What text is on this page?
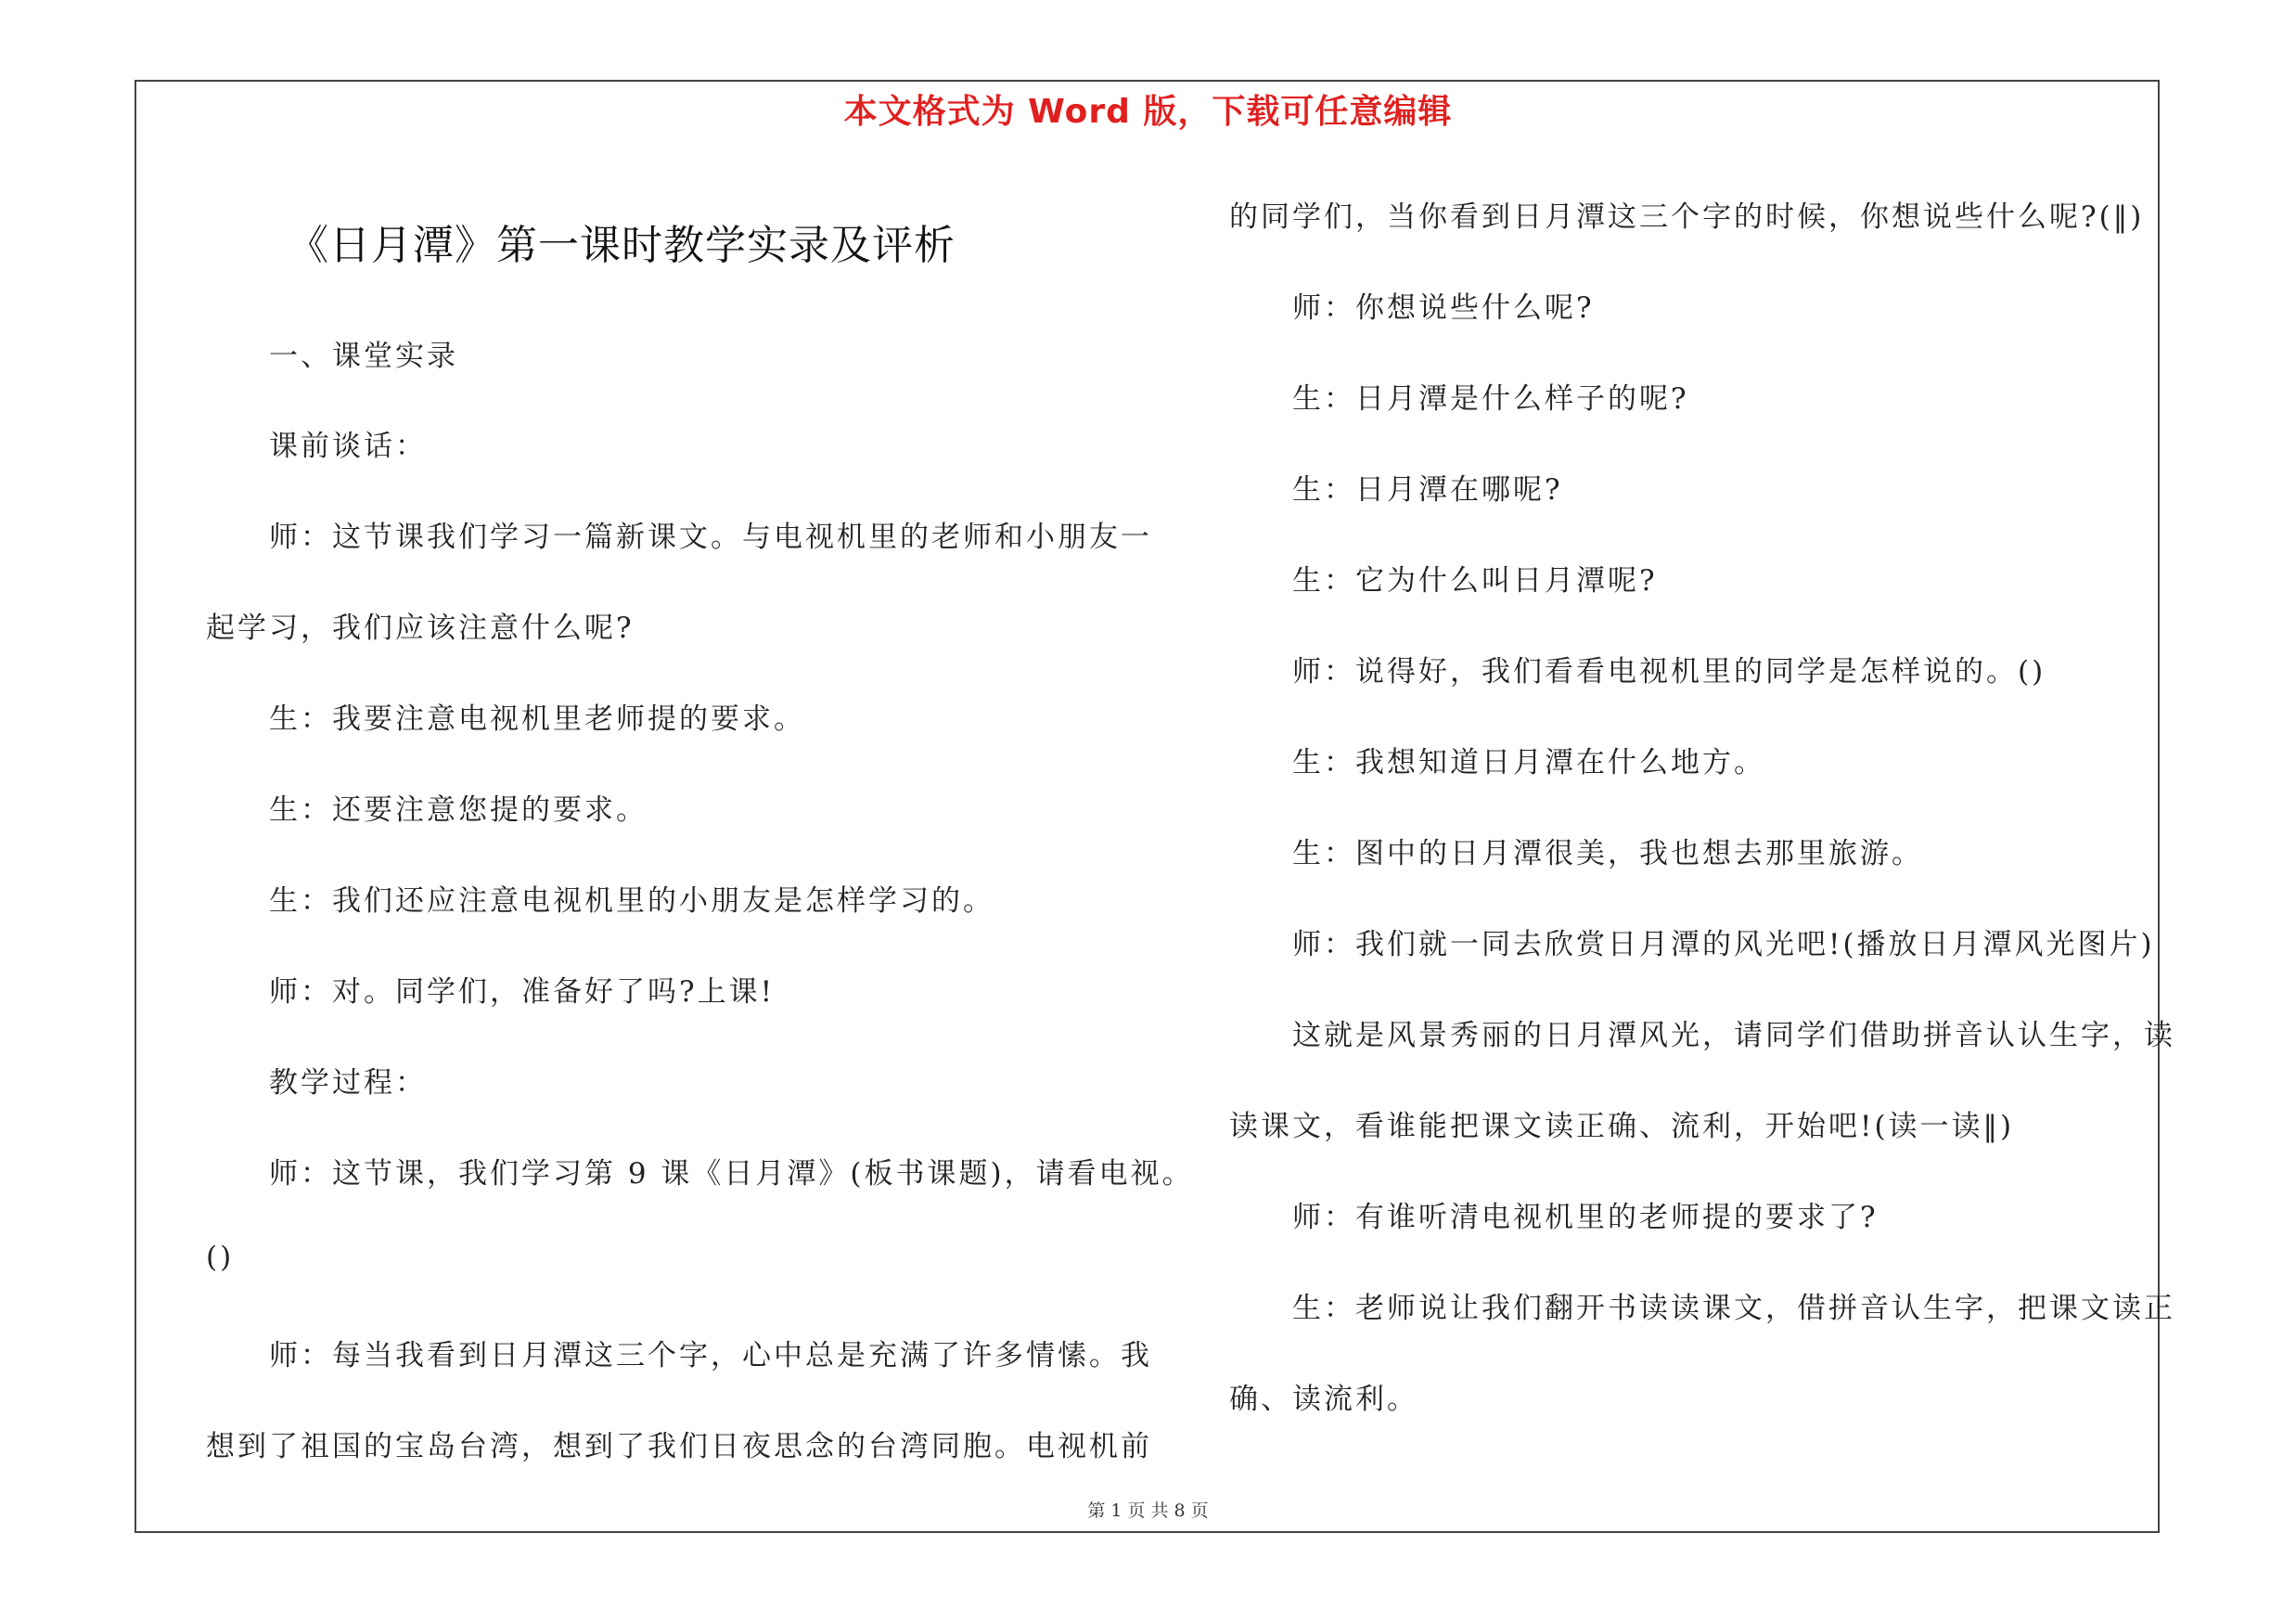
本文格式为 Word 版，下载可任意编辑
《日月潭》第一课时教学实录及评析
一、课堂实录
课前谈话：
师：这节课我们学习一篇新课文。与电视机里的老师和小朋友一
起学习，我们应该注意什么呢?
生：我要注意电视机里老师提的要求。
生：还要注意您提的要求。
生：我们还应注意电视机里的小朋友是怎样学习的。
师：对。同学们，准备好了吗?上课!
教学过程：
师：这节课，我们学习第 9 课《日月潭》(板书课题)，请看电视。
()
师：每当我看到日月潭这三个字，心中总是充满了许多情愫。我
想到了祖国的宝岛台湾，想到了我们日夜思念的台湾同胞。电视机前
的同学们，当你看到日月潭这三个字的时候，你想说些什么呢?(‖)
师：你想说些什么呢?
生：日月潭是什么样子的呢?
生：日月潭在哪呢?
生：它为什么叫日月潭呢?
师：说得好，我们看看电视机里的同学是怎样说的。()
生：我想知道日月潭在什么地方。
生：图中的日月潭很美，我也想去那里旅游。
师：我们就一同去欣赏日月潭的风光吧!(播放日月潭风光图片)
这就是风景秀丽的日月潭风光，请同学们借助拼音认认生字，读
读课文，看谁能把课文读正确、流利，开始吧!(读一读‖)
师：有谁听清电视机里的老师提的要求了?
生：老师说让我们翻开书读读课文，借拼音认生字，把课文读正
确、读流利。
第 1 页 共 8 页
